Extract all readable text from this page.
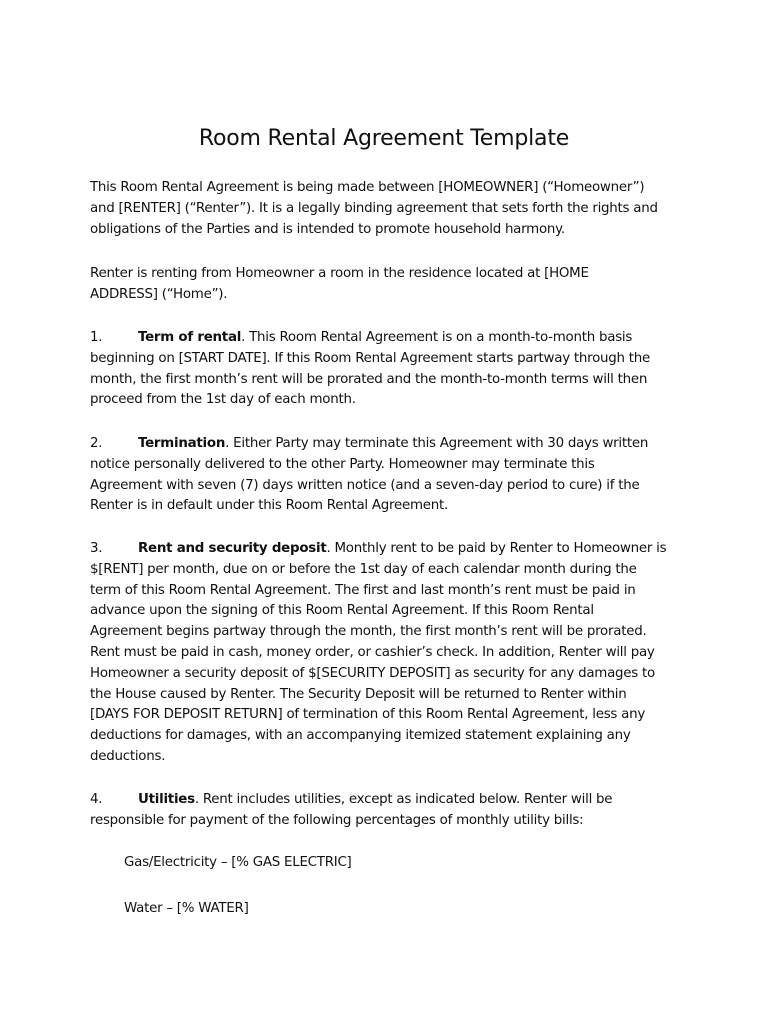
Room Rental Agreement Template
This Room Rental Agreement is being made between [HOMEOWNER] (“Homeowner”)
and [RENTER] (“Renter”). It is a legally binding agreement that sets forth the rights and
obligations of the Parties and is intended to promote household harmony.
Renter is renting from Homeowner a room in the residence located at [HOME
ADDRESS] (“Home”).
1.	Term of rental. This Room Rental Agreement is on a month-to-month basis
beginning on [START DATE]. If this Room Rental Agreement starts partway through the
month, the first month’s rent will be prorated and the month-to-month terms will then
proceed from the 1st day of each month.
2.	Termination. Either Party may terminate this Agreement with 30 days written
notice personally delivered to the other Party. Homeowner may terminate this
Agreement with seven (7) days written notice (and a seven-day period to cure) if the
Renter is in default under this Room Rental Agreement.
3.	Rent and security deposit. Monthly rent to be paid by Renter to Homeowner is
$[RENT] per month, due on or before the 1st day of each calendar month during the
term of this Room Rental Agreement. The first and last month’s rent must be paid in
advance upon the signing of this Room Rental Agreement. If this Room Rental
Agreement begins partway through the month, the first month’s rent will be prorated.
Rent must be paid in cash, money order, or cashier’s check. In addition, Renter will pay
Homeowner a security deposit of $[SECURITY DEPOSIT] as security for any damages to
the House caused by Renter. The Security Deposit will be returned to Renter within
[DAYS FOR DEPOSIT RETURN] of termination of this Room Rental Agreement, less any
deductions for damages, with an accompanying itemized statement explaining any
deductions.
4.	Utilities. Rent includes utilities, except as indicated below. Renter will be
responsible for payment of the following percentages of monthly utility bills:
Gas/Electricity – [% GAS ELECTRIC]
Water – [% WATER]
